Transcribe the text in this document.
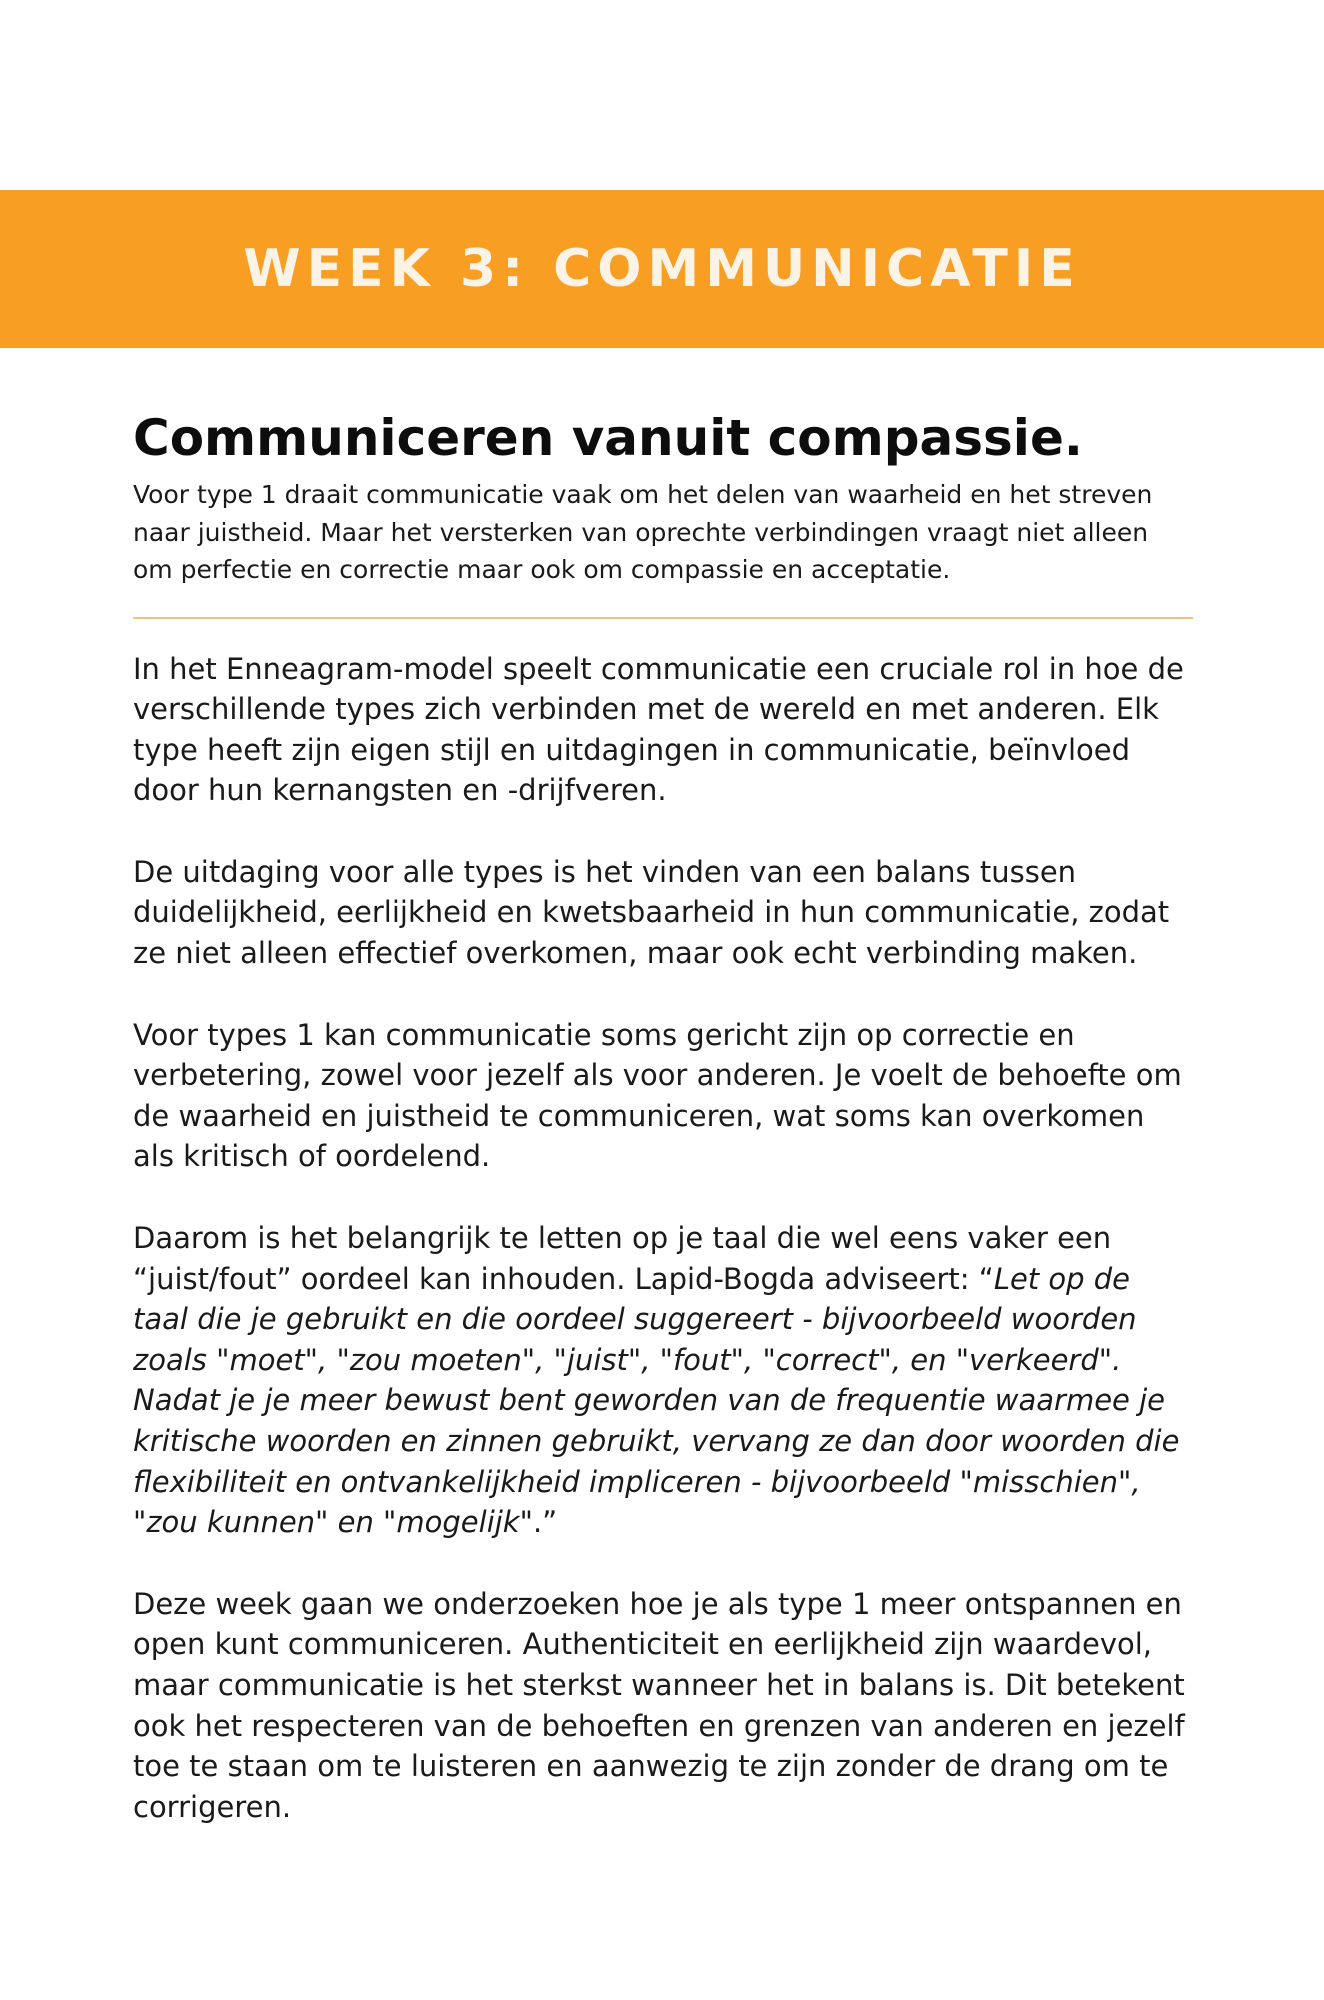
WEEK 3: COMMUNICATIE
Communiceren vanuit compassie.

Voor type 1 draait communicatie vaak om het delen van waarheid en het streven naar juistheid. Maar het versterken van oprechte verbindingen vraagt niet alleen om perfectie en correctie maar ook om compassie en acceptatie.

In het Enneagram-model speelt communicatie een cruciale rol in hoe de verschillende types zich verbinden met de wereld en met anderen. Elk type heeft zijn eigen stijl en uitdagingen in communicatie, beïnvloed door hun kernangsten en -drijfveren.

De uitdaging voor alle types is het vinden van een balans tussen duidelijkheid, eerlijkheid en kwetsbaarheid in hun communicatie, zodat ze niet alleen effectief overkomen, maar ook echt verbinding maken.

Voor types 1 kan communicatie soms gericht zijn op correctie en verbetering, zowel voor jezelf als voor anderen. Je voelt de behoefte om de waarheid en juistheid te communiceren, wat soms kan overkomen als kritisch of oordelend.

Daarom is het belangrijk te letten op je taal die wel eens vaker een “juist/fout” oordeel kan inhouden. Lapid-Bogda adviseert: “Let op de taal die je gebruikt en die oordeel suggereert - bijvoorbeeld woorden zoals "moet", "zou moeten", "juist", "fout", "correct", en "verkeerd". Nadat je je meer bewust bent geworden van de frequentie waarmee je kritische woorden en zinnen gebruikt, vervang ze dan door woorden die flexibiliteit en ontvankelijkheid impliceren - bijvoorbeeld "misschien", "zou kunnen" en "mogelijk".”

Deze week gaan we onderzoeken hoe je als type 1 meer ontspannen en open kunt communiceren. Authenticiteit en eerlijkheid zijn waardevol, maar communicatie is het sterkst wanneer het in balans is. Dit betekent ook het respecteren van de behoeften en grenzen van anderen en jezelf toe te staan om te luisteren en aanwezig te zijn zonder de drang om te corrigeren.
